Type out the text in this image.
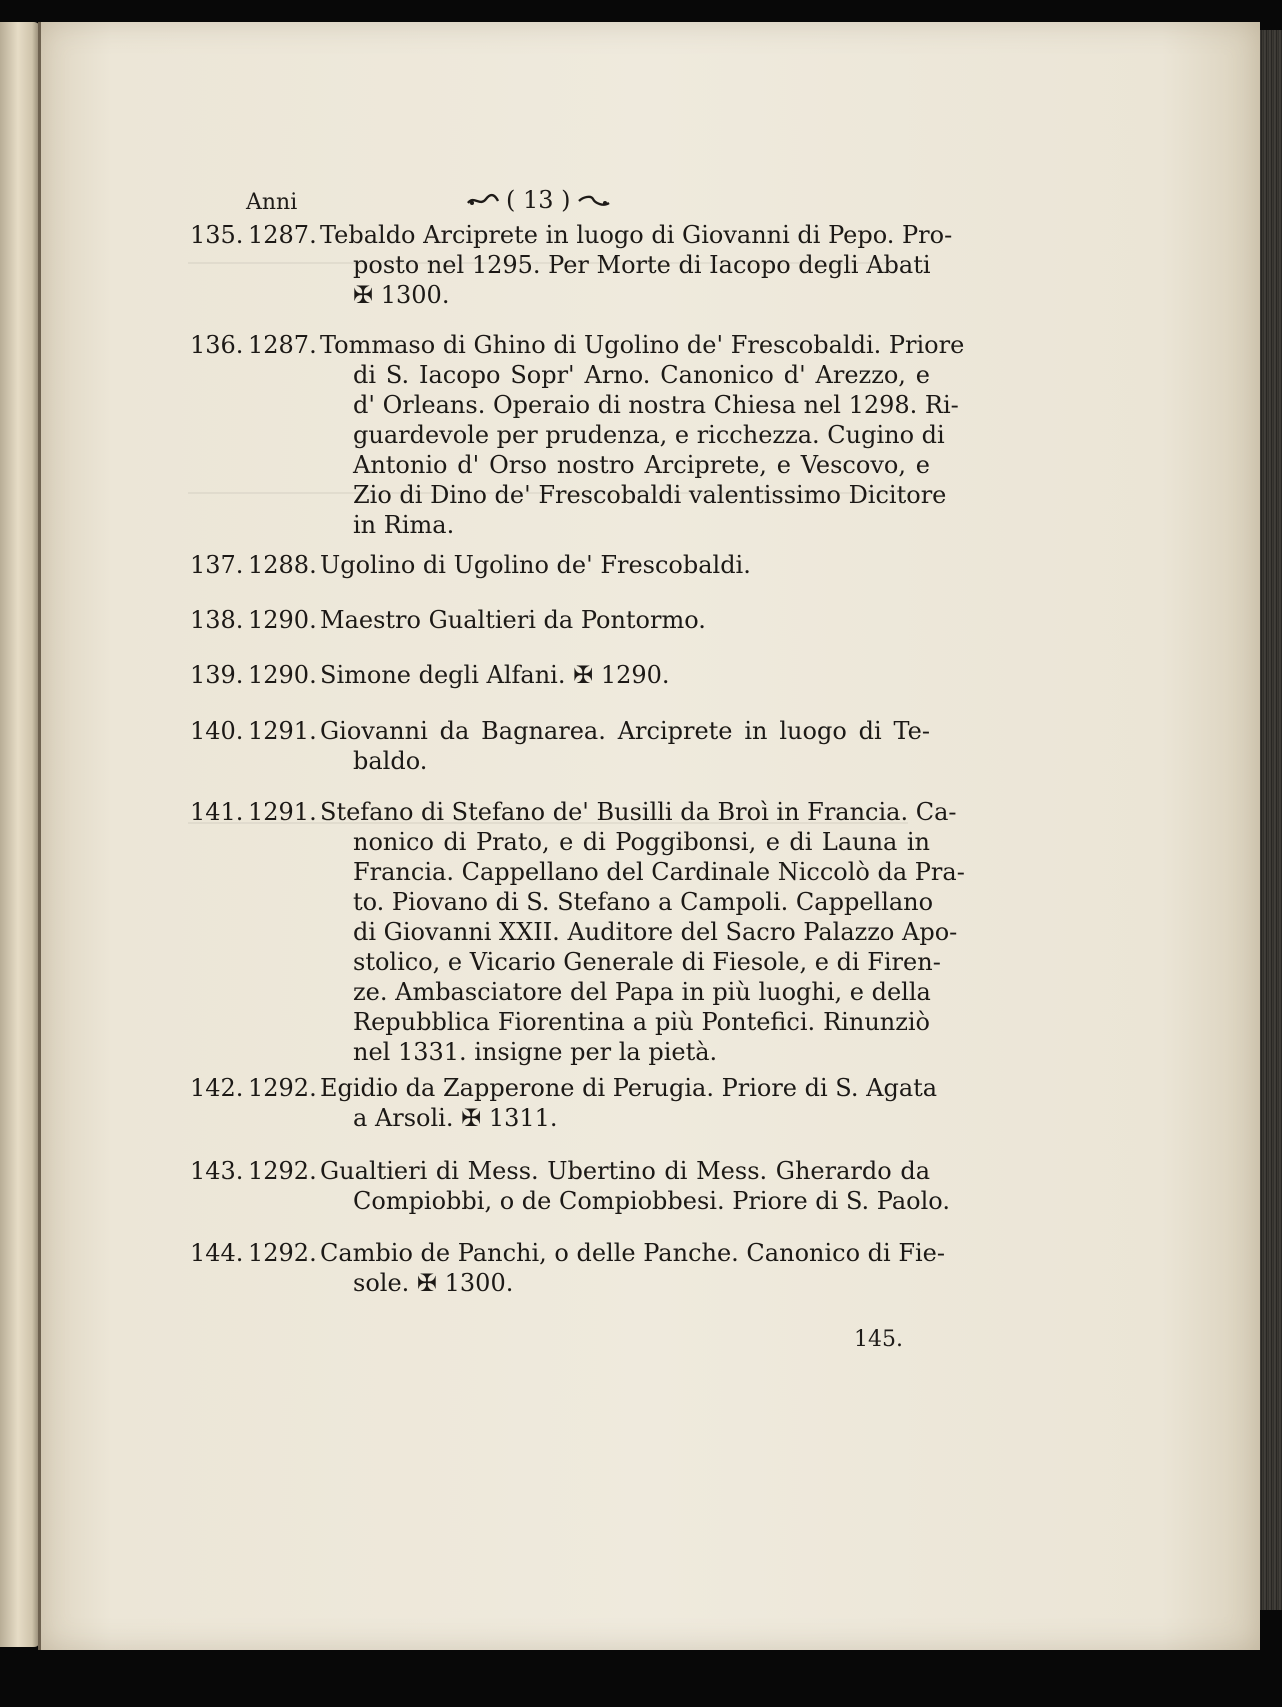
Anni	( 13 )
135. 1287. Tebaldo Arciprete in luogo di Giovanni di Pepo. Pro-
posto nel 1295. Per Morte di Iacopo degli Abati
✠ 1300.
136. 1287. Tommaso di Ghino di Ugolino de' Frescobaldi. Priore
di S. Iacopo Sopr' Arno. Canonico d' Arezzo, e
d' Orleans. Operaio di nostra Chiesa nel 1298. Ri-
guardevole per prudenza, e ricchezza. Cugino di
Antonio d' Orso nostro Arciprete, e Vescovo, e
Zio di Dino de' Frescobaldi valentissimo Dicitore
in Rima.
137. 1288. Ugolino di Ugolino de' Frescobaldi.
138. 1290. Maestro Gualtieri da Pontormo.
139. 1290. Simone degli Alfani. ✠ 1290.
140. 1291. Giovanni da Bagnarea. Arciprete in luogo di Te-
baldo.
141. 1291. Stefano di Stefano de' Busilli da Broì in Francia. Ca-
nonico di Prato, e di Poggibonsi, e di Launa in
Francia. Cappellano del Cardinale Niccolò da Pra-
to. Piovano di S. Stefano a Campoli. Cappellano
di Giovanni XXII. Auditore del Sacro Palazzo Apo-
stolico, e Vicario Generale di Fiesole, e di Firen-
ze. Ambasciatore del Papa in più luoghi, e della
Repubblica Fiorentina a più Pontefici. Rinunziò
nel 1331. insigne per la pietà.
142. 1292. Egidio da Zapperone di Perugia. Priore di S. Agata
a Arsoli. ✠ 1311.
143. 1292. Gualtieri di Mess. Ubertino di Mess. Gherardo da
Compiobbi, o de Compiobbesi. Priore di S. Paolo.
144. 1292. Cambio de Panchi, o delle Panche. Canonico di Fie-
sole. ✠ 1300.
145.
